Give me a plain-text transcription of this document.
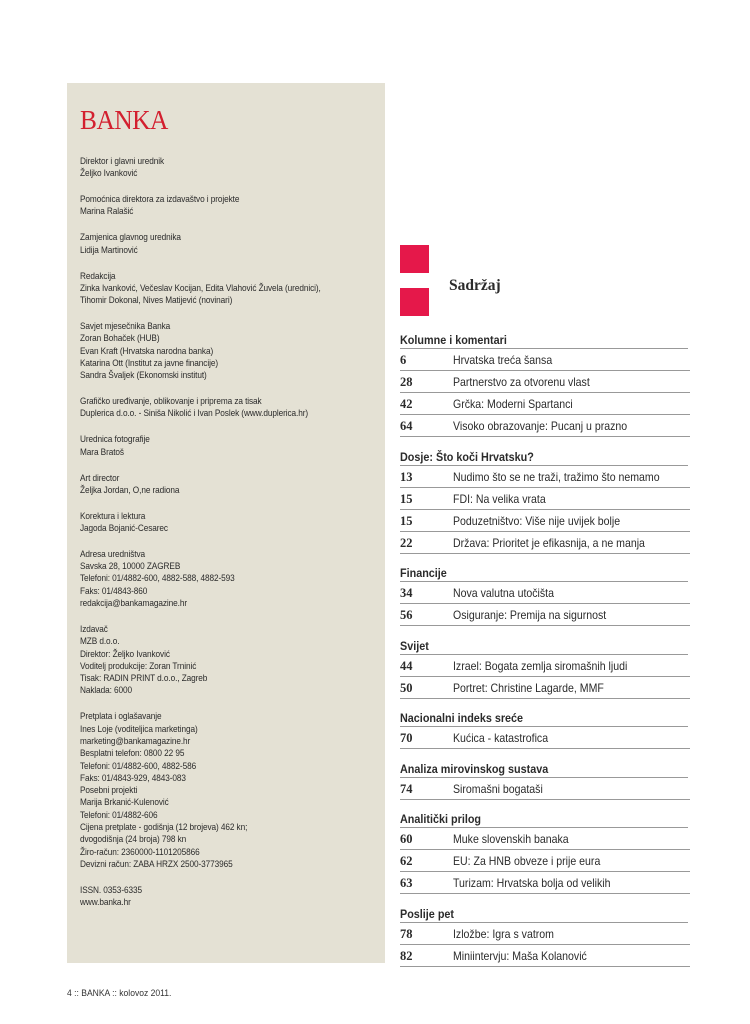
BANKA
Direktor i glavni urednik
Željko Ivanković
Pomoćnica direktora za izdavaštvo i projekte
Marina Ralašić
Zamjenica glavnog urednika
Lidija Martinović
Redakcija
Zinka Ivanković, Večeslav Kocijan, Edita Vlahović Žuvela (urednici),
Tihomir Dokonal, Nives Matijević (novinari)
Savjet mjesečnika Banka
Zoran Bohaček (HUB)
Evan Kraft (Hrvatska narodna banka)
Katarina Ott (Institut za javne financije)
Sandra Švaljek (Ekonomski institut)
Grafičko uređivanje, oblikovanje i priprema za tisak
Duplerica d.o.o. - Siniša Nikolić i Ivan Poslek (www.duplerica.hr)
Urednica fotografije
Mara Bratoš
Art director
Željka Jordan, O,ne radiona
Korektura i lektura
Jagoda Bojanić-Cesarec
Adresa uredništva
Savska 28, 10000 ZAGREB
Telefoni: 01/4882-600, 4882-588, 4882-593
Faks: 01/4843-860
redakcija@bankamagazine.hr
Izdavač
MZB d.o.o.
Direktor: Željko Ivanković
Voditelj produkcije: Zoran Trninić
Tisak: RADIN PRINT d.o.o., Zagreb
Naklada: 6000
Pretplata i oglašavanje
Ines Loje (voditeljica marketinga)
marketing@bankamagazine.hr
Besplatni telefon: 0800 22 95
Telefoni: 01/4882-600, 4882-586
Faks: 01/4843-929, 4843-083
Posebni projekti
Marija Brkanić-Kulenović
Telefoni: 01/4882-606
Cijena pretplate - godišnja (12 brojeva) 462 kn;
dvogodišnja (24 broja) 798 kn
Žiro-račun: 2360000-1101205866
Devizni račun: ZABA HRZX 2500-3773965
ISSN. 0353-6335
www.banka.hr
Sadržaj
Kolumne i komentari
6	Hrvatska treća šansa
28	Partnerstvo za otvorenu vlast
42	Grčka: Moderni Spartanci
64	Visoko obrazovanje: Pucanj u prazno
Dosje: Što koči Hrvatsku?
13	Nudimo što se ne traži, tražimo što nemamo
15	FDI: Na velika vrata
15	Poduzetništvo: Više nije uvijek bolje
22	Država: Prioritet je efikasnija, a ne manja
Financije
34	Nova valutna utočišta
56	Osiguranje: Premija na sigurnost
Svijet
44	Izrael: Bogata zemlja siromašnih ljudi
50	Portret: Christine Lagarde, MMF
Nacionalni indeks sreće
70	Kućica - katastrofica
Analiza mirovinskog sustava
74	Siromašni bogataši
Analitički prilog
60	Muke slovenskih banaka
62	EU: Za HNB obveze i prije eura
63	Turizam: Hrvatska bolja od velikih
Poslije pet
78	Izložbe: Igra s vatrom
82	Miniintervju: Maša Kolanović
4 :: BANKA :: kolovoz 2011.
